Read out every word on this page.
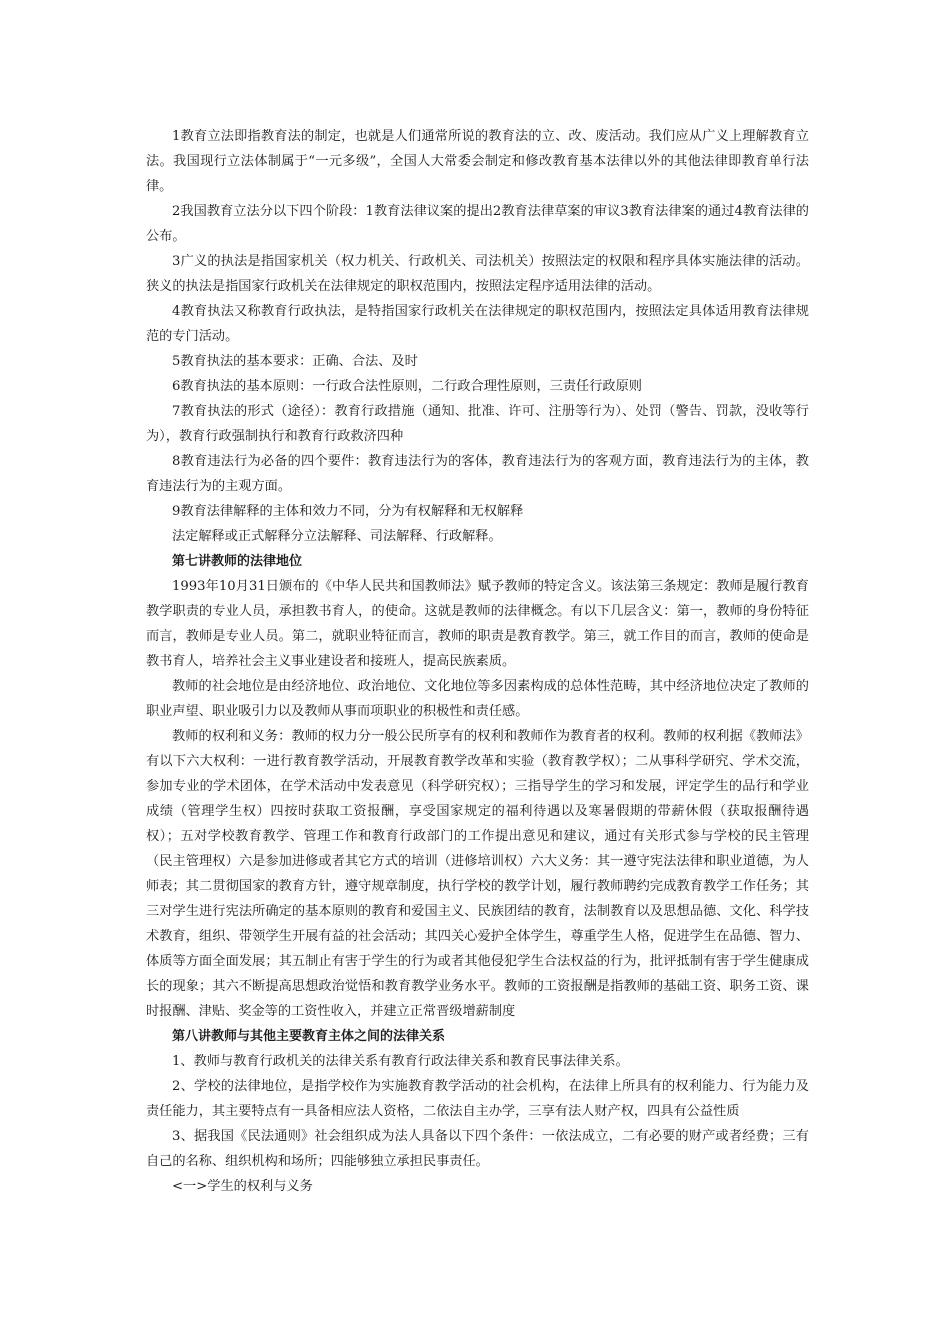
1教育立法即指教育法的制定，也就是人们通常所说的教育法的立、改、废活动。我们应从广义上理解教育立法。我国现行立法体制属于“一元多级”，全国人大常委会制定和修改教育基本法律以外的其他法律即教育单行法律。

2我国教育立法分以下四个阶段：1教育法律议案的提出2教育法律草案的审议3教育法律案的通过4教育法律的公布。

3广义的执法是指国家机关（权力机关、行政机关、司法机关）按照法定的权限和程序具体实施法律的活动。狭义的执法是指国家行政机关在法律规定的职权范围内，按照法定程序适用法律的活动。

4教育执法又称教育行政执法，是特指国家行政机关在法律规定的职权范围内，按照法定具体适用教育法律规范的专门活动。

5教育执法的基本要求：正确、合法、及时

6教育执法的基本原则：一行政合法性原则，二行政合理性原则，三责任行政原则

7教育执法的形式（途径）：教育行政措施（通知、批准、许可、注册等行为）、处罚（警告、罚款，没收等行为），教育行政强制执行和教育行政救济四种

8教育违法行为必备的四个要件：教育违法行为的客体，教育违法行为的客观方面，教育违法行为的主体，教育违法行为的主观方面。

9教育法律解释的主体和效力不同，分为有权解释和无权解释

法定解释或正式解释分立法解释、司法解释、行政解释。

第七讲教师的法律地位

1993年10月31日颁布的《中华人民共和国教师法》赋予教师的特定含义。该法第三条规定：教师是履行教育教学职责的专业人员，承担教书育人，的使命。这就是教师的法律概念。有以下几层含义：第一，教师的身份特征而言，教师是专业人员。第二，就职业特征而言，教师的职责是教育教学。第三，就工作目的而言，教师的使命是教书育人，培养社会主义事业建设者和接班人，提高民族素质。

教师的社会地位是由经济地位、政治地位、文化地位等多因素构成的总体性范畴，其中经济地位决定了教师的职业声望、职业吸引力以及教师从事而项职业的积极性和责任感。

教师的权利和义务：教师的权力分一般公民所享有的权利和教师作为教育者的权利。教师的权利据《教师法》有以下六大权利：一进行教育教学活动，开展教育教学改革和实验（教育教学权）；二从事科学研究、学术交流，参加专业的学术团体，在学术活动中发表意见（科学研究权）；三指导学生的学习和发展，评定学生的品行和学业成绩（管理学生权）四按时获取工资报酬，享受国家规定的福利待遇以及寒暑假期的带薪休假（获取报酬待遇权）；五对学校教育教学、管理工作和教育行政部门的工作提出意见和建议，通过有关形式参与学校的民主管理（民主管理权）六是参加进修或者其它方式的培训（进修培训权）六大义务：其一遵守宪法法律和职业道德，为人师表；其二贯彻国家的教育方针，遵守规章制度，执行学校的教学计划，履行教师聘约完成教育教学工作任务；其三对学生进行宪法所确定的基本原则的教育和爱国主义、民族团结的教育，法制教育以及思想品德、文化、科学技术教育，组织、带领学生开展有益的社会活动；其四关心爱护全体学生，尊重学生人格，促进学生在品德、智力、体质等方面全面发展；其五制止有害于学生的行为或者其他侵犯学生合法权益的行为，批评抵制有害于学生健康成长的现象；其六不断提高思想政治觉悟和教育教学业务水平。教师的工资报酬是指教师的基础工资、职务工资、课时报酬、津贴、奖金等的工资性收入，并建立正常晋级增薪制度

第八讲教师与其他主要教育主体之间的法律关系

1、教师与教育行政机关的法律关系有教育行政法律关系和教育民事法律关系。

2、学校的法律地位，是指学校作为实施教育教学活动的社会机构，在法律上所具有的权利能力、行为能力及责任能力，其主要特点有一具备相应法人资格，二依法自主办学，三享有法人财产权，四具有公益性质

3、据我国《民法通则》社会组织成为法人具备以下四个条件：一依法成立，二有必要的财产或者经费；三有自己的名称、组织机构和场所；四能够独立承担民事责任。

<一>学生的权利与义务
